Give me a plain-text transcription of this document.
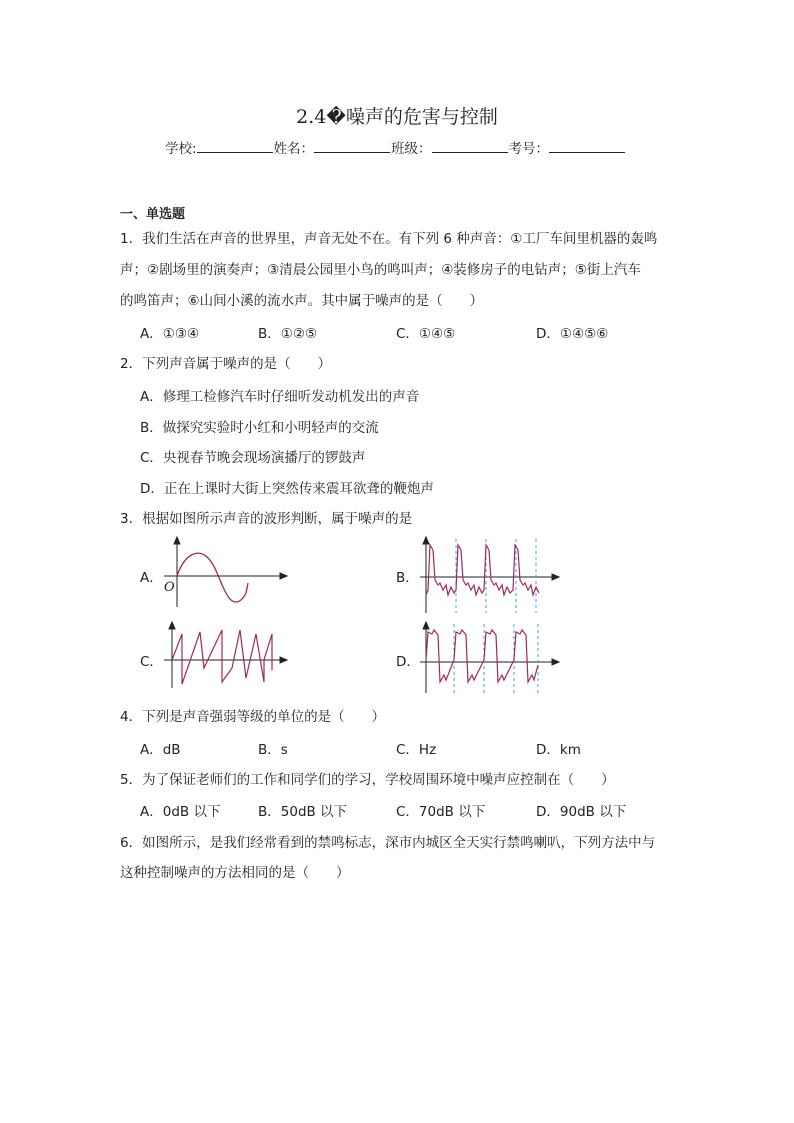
2.4�噪声的危害与控制
学校:	姓名：	班级：	考号：
一、单选题
1．我们生活在声音的世界里，声音无处不在。有下列 6 种声音：①工厂车间里机器的轰鸣
声；②剧场里的演奏声；③清晨公园里小鸟的鸣叫声；④装修房子的电钻声；⑤街上汽车
的鸣笛声；⑥山间小溪的流水声。其中属于噪声的是（　　）
A．①③④	B．①②⑤	C．①④⑤	D．①④⑤⑥
2．下列声音属于噪声的是（　　）
A．修理工检修汽车时仔细听发动机发出的声音
B．做探究实验时小红和小明轻声的交流
C．央视春节晚会现场演播厅的锣鼓声
D．正在上课时大街上突然传来震耳欲聋的鞭炮声
3．根据如图所示声音的波形判断，属于噪声的是
A．	B．
C．	D．
O
4．下列是声音强弱等级的单位的是（　　）
A．dB	B．s	C．Hz	D．km
5．为了保证老师们的工作和同学们的学习，学校周围环境中噪声应控制在（　　）
A．0dB 以下	B．50dB 以下	C．70dB 以下	D．90dB 以下
6．如图所示，是我们经常看到的禁鸣标志，深市内城区全天实行禁鸣喇叭，下列方法中与
这种控制噪声的方法相同的是（　　）
